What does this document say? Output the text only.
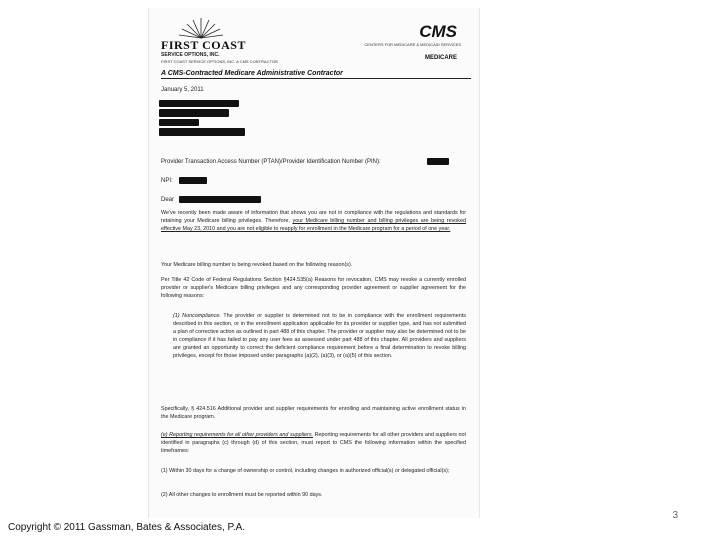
FIRST COAST
SERVICE OPTIONS, INC.
FIRST COAST SERVICE OPTIONS, INC. A CMS CONTRACTOR
CMS
CENTERS FOR MEDICARE & MEDICAID SERVICES
MEDICARE
A CMS-Contracted Medicare Administrative Contractor
January 5, 2011
Provider Transaction Access Number (PTAN)/Provider Identification Number (PIN):
NPI:
Dear
We've recently been made aware of information that shows you are not in compliance with the regulations and standards for retaining your Medicare billing privileges. Therefore, your Medicare billing number and billing privileges are being revoked effective May 23, 2010 and you are not eligible to reapply for enrollment in the Medicare program for a period of one year.
Your Medicare billing number is being revoked based on the following reason(s).
Per Title 42 Code of Federal Regulations Section §424.535(a) Reasons for revocation, CMS may revoke a currently enrolled provider or supplier's Medicare billing privileges and any corresponding provider agreement or supplier agreement for the following reasons:
(1) Noncompliance. The provider or supplier is determined not to be in compliance with the enrollment requirements described in this section, or in the enrollment application applicable for its provider or supplier type, and has not submitted a plan of corrective action as outlined in part 488 of this chapter. The provider or supplier may also be determined not to be in compliance if it has failed to pay any user fees as assessed under part 488 of this chapter. All providers and suppliers are granted an opportunity to correct the deficient compliance requirement before a final determination to revoke billing privileges, except for those imposed under paragraphs (a)(2), (a)(3), or (a)(5) of this section.
Specifically, § 424.516 Additional provider and supplier requirements for enrolling and maintaining active enrollment status in the Medicare program.
(e) Reporting requirements for all other providers and suppliers. Reporting requirements for all other providers and suppliers not identified in paragraphs (c) through (d) of this section, must report to CMS the following information within the specified timeframes:
(1) Within 30 days for a change of ownership or control, including changes in authorized official(s) or delegated official(s);
(2) All other changes to enrollment must be reported within 90 days.
3
Copyright © 2011 Gassman, Bates & Associates, P.A.
